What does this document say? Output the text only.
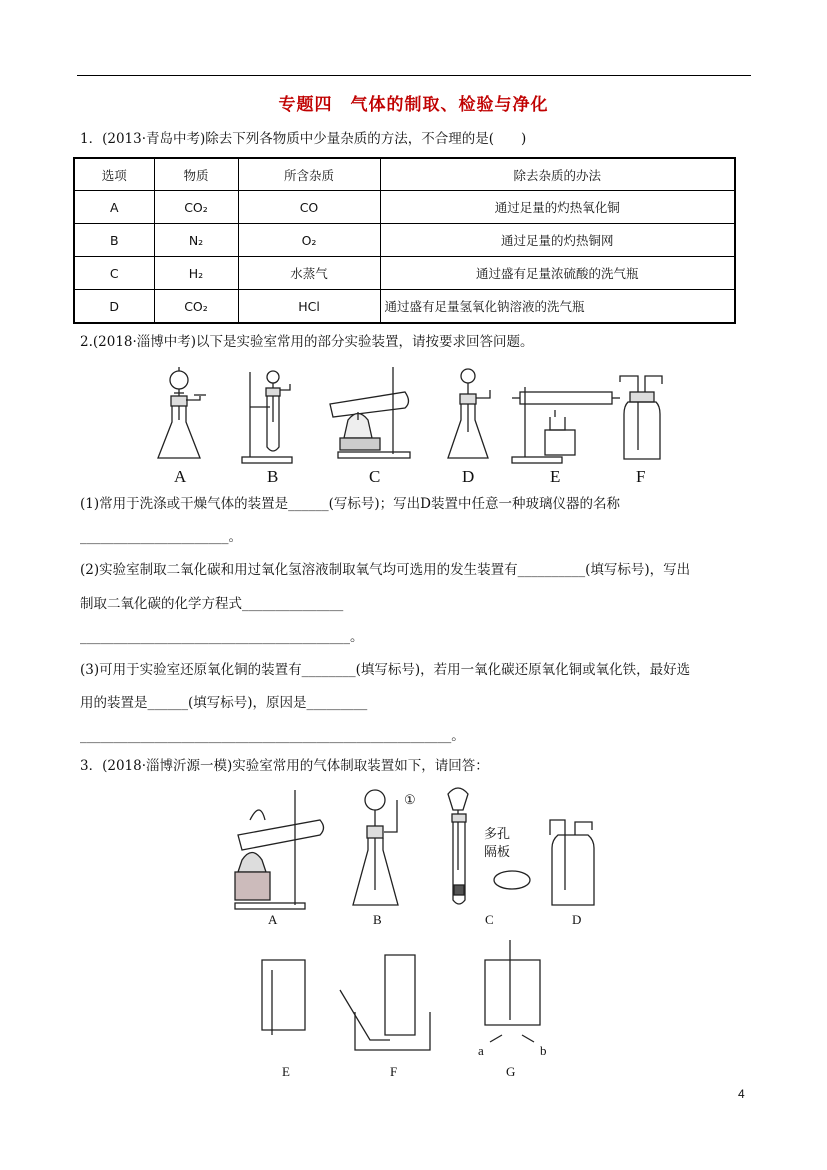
专题四　气体的制取、检验与净化
1．(2013·青岛中考)除去下列各物质中少量杂质的方法，不合理的是(　　)
选项	物质	所含杂质	除去杂质的办法
A	CO₂	CO	通过足量的灼热氧化铜
B	N₂	O₂	通过足量的灼热铜网
C	H₂	水蒸气	通过盛有足量浓硫酸的洗气瓶
D	CO₂	HCl	通过盛有足量氢氧化钠溶液的洗气瓶
2.(2018·淄博中考)以下是实验室常用的部分实验装置，请按要求回答问题。
A	B	C	D	E	F
(1)常用于洗涤或干燥气体的装置是______(写标号)；写出D装置中任意一种玻璃仪器的名称
______________________。
(2)实验室制取二氧化碳和用过氧化氢溶液制取氧气均可选用的发生装置有__________(填写标号)，写出
制取二氧化碳的化学方程式_______________
________________________________________。
(3)可用于实验室还原氧化铜的装置有________(填写标号)，若用一氧化碳还原氧化铜或氧化铁，最好选
用的装置是______(填写标号)，原因是_________
_______________________________________________________。
3．(2018·淄博沂源一模)实验室常用的气体制取装置如下，请回答：
A	B
①
多孔
隔板
C	D
E	F
a	b
G
4
